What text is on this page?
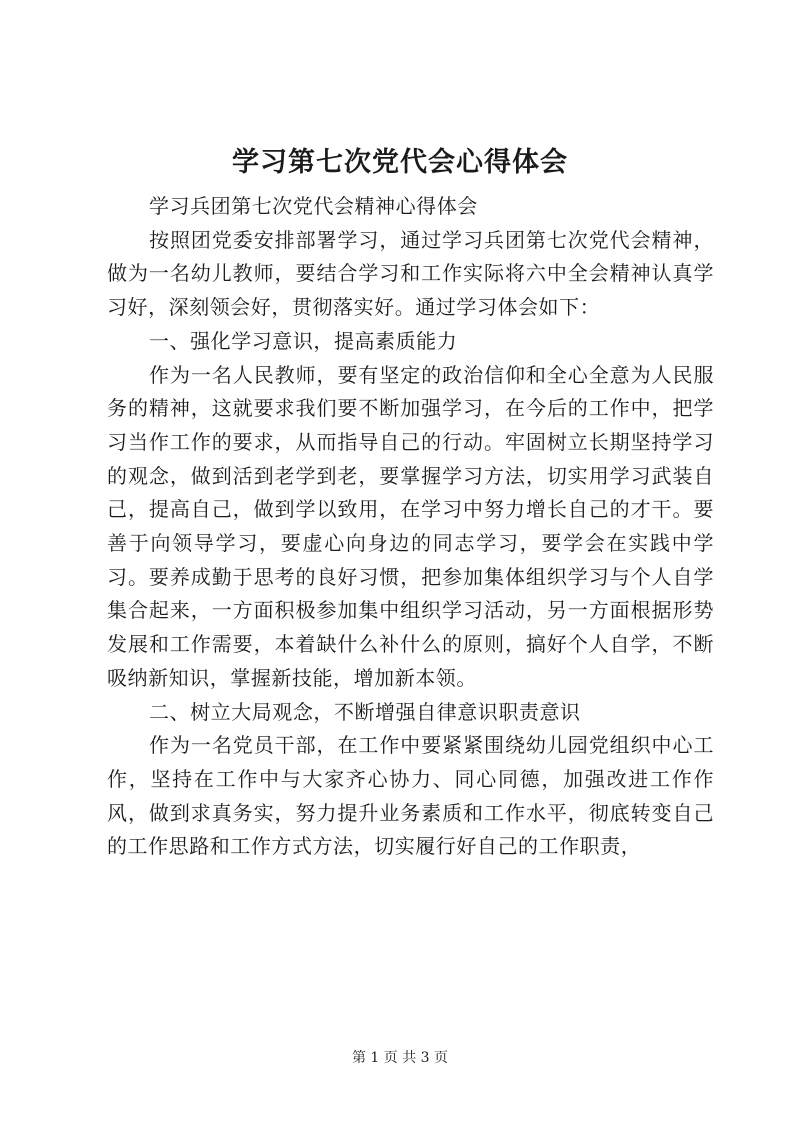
学习第七次党代会心得体会

学习兵团第七次党代会精神心得体会

按照团党委安排部署学习，通过学习兵团第七次党代会精神，做为一名幼儿教师，要结合学习和工作实际将六中全会精神认真学习好，深刻领会好，贯彻落实好。通过学习体会如下：

一、强化学习意识，提高素质能力

作为一名人民教师，要有坚定的政治信仰和全心全意为人民服务的精神，这就要求我们要不断加强学习，在今后的工作中，把学习当作工作的要求，从而指导自己的行动。牢固树立长期坚持学习的观念，做到活到老学到老，要掌握学习方法，切实用学习武装自己，提高自己，做到学以致用，在学习中努力增长自己的才干。要善于向领导学习，要虚心向身边的同志学习，要学会在实践中学习。要养成勤于思考的良好习惯，把参加集体组织学习与个人自学集合起来，一方面积极参加集中组织学习活动，另一方面根据形势发展和工作需要，本着缺什么补什么的原则，搞好个人自学，不断吸纳新知识，掌握新技能，增加新本领。

二、树立大局观念，不断增强自律意识职责意识

作为一名党员干部，在工作中要紧紧围绕幼儿园党组织中心工作，坚持在工作中与大家齐心协力、同心同德，加强改进工作作风，做到求真务实，努力提升业务素质和工作水平，彻底转变自己的工作思路和工作方式方法，切实履行好自己的工作职责，

第 1 页 共 3 页
